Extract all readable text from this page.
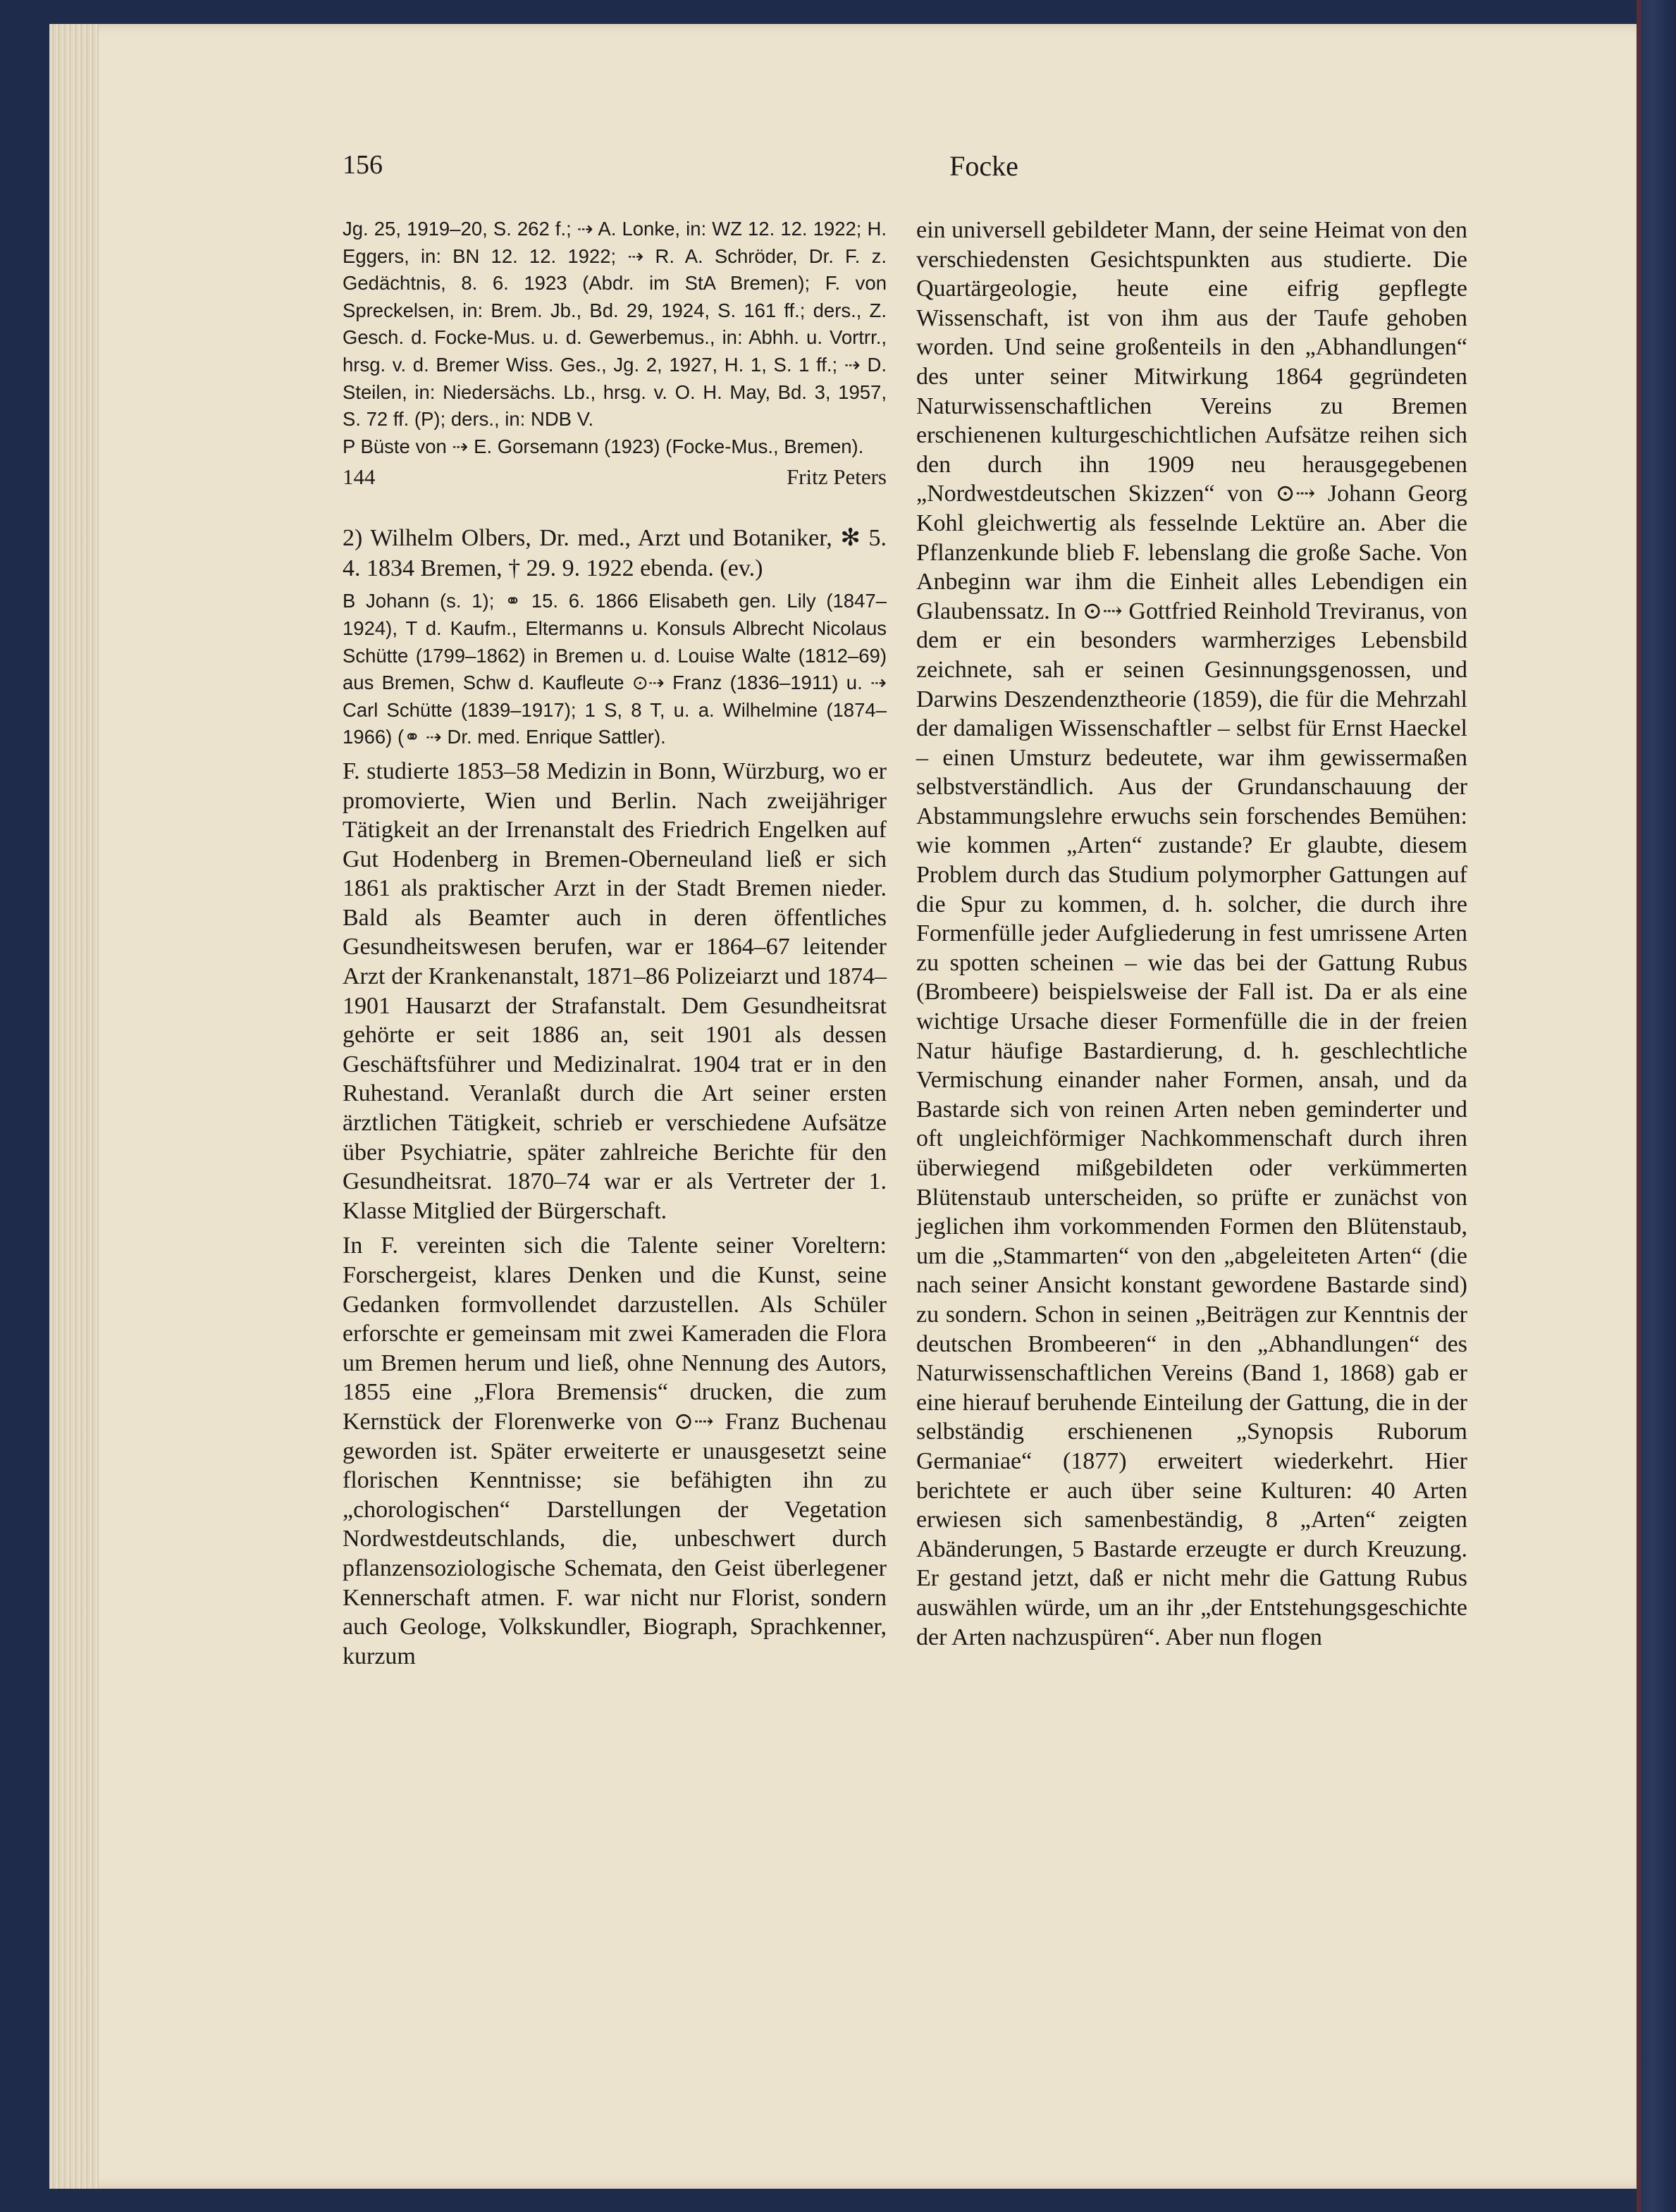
156	Focke

Jg. 25, 1919–20, S. 262 f.; ⇢ A. Lonke, in: WZ 12. 12. 1922; H. Eggers, in: BN 12. 12. 1922; ⇢ R. A. Schröder, Dr. F. z. Gedächtnis, 8. 6. 1923 (Abdr. im StA Bremen); F. von Spreckelsen, in: Brem. Jb., Bd. 29, 1924, S. 161 ff.; ders., Z. Gesch. d. Focke-Mus. u. d. Gewerbemus., in: Abhh. u. Vortrr., hrsg. v. d. Bremer Wiss. Ges., Jg. 2, 1927, H. 1, S. 1 ff.; ⇢ D. Steilen, in: Niedersächs. Lb., hrsg. v. O. H. May, Bd. 3, 1957, S. 72 ff. (P); ders., in: NDB V.

P Büste von ⇢ E. Gorsemann (1923) (Focke-Mus., Bremen).

144	Fritz Peters

2) Wilhelm Olbers, Dr. med., Arzt und Botaniker, ✻ 5. 4. 1834 Bremen, † 29. 9. 1922 ebenda. (ev.)

B Johann (s. 1); ⚭ 15. 6. 1866 Elisabeth gen. Lily (1847–1924), T d. Kaufm., Eltermanns u. Konsuls Albrecht Nicolaus Schütte (1799–1862) in Bremen u. d. Louise Walte (1812–69) aus Bremen, Schw d. Kaufleute ⊙⇢ Franz (1836–1911) u. ⇢ Carl Schütte (1839–1917); 1 S, 8 T, u. a. Wilhelmine (1874–1966) (⚭ ⇢ Dr. med. Enrique Sattler).

F. studierte 1853–58 Medizin in Bonn, Würzburg, wo er promovierte, Wien und Berlin. Nach zweijähriger Tätigkeit an der Irrenanstalt des Friedrich Engelken auf Gut Hodenberg in Bremen-Oberneuland ließ er sich 1861 als praktischer Arzt in der Stadt Bremen nieder. Bald als Beamter auch in deren öffentliches Gesundheitswesen berufen, war er 1864–67 leitender Arzt der Krankenanstalt, 1871–86 Polizeiarzt und 1874–1901 Hausarzt der Strafanstalt. Dem Gesundheitsrat gehörte er seit 1886 an, seit 1901 als dessen Geschäftsführer und Medizinalrat. 1904 trat er in den Ruhestand. Veranlaßt durch die Art seiner ersten ärztlichen Tätigkeit, schrieb er verschiedene Aufsätze über Psychiatrie, später zahlreiche Berichte für den Gesundheitsrat. 1870–74 war er als Vertreter der 1. Klasse Mitglied der Bürgerschaft.

In F. vereinten sich die Talente seiner Voreltern: Forschergeist, klares Denken und die Kunst, seine Gedanken formvollendet darzustellen. Als Schüler erforschte er gemeinsam mit zwei Kameraden die Flora um Bremen herum und ließ, ohne Nennung des Autors, 1855 eine „Flora Bremensis“ drucken, die zum Kernstück der Florenwerke von ⊙⇢ Franz Buchenau geworden ist. Später erweiterte er unausgesetzt seine florischen Kenntnisse; sie befähigten ihn zu „chorologischen“ Darstellungen der Vegetation Nordwestdeutschlands, die, unbeschwert durch pflanzensoziologische Schemata, den Geist überlegener Kennerschaft atmen. F. war nicht nur Florist, sondern auch Geologe, Volkskundler, Biograph, Sprachkenner, kurzum

ein universell gebildeter Mann, der seine Heimat von den verschiedensten Gesichtspunkten aus studierte. Die Quartärgeologie, heute eine eifrig gepflegte Wissenschaft, ist von ihm aus der Taufe gehoben worden. Und seine großenteils in den „Abhandlungen“ des unter seiner Mitwirkung 1864 gegründeten Naturwissenschaftlichen Vereins zu Bremen erschienenen kulturgeschichtlichen Aufsätze reihen sich den durch ihn 1909 neu herausgegebenen „Nordwestdeutschen Skizzen“ von ⊙⇢ Johann Georg Kohl gleichwertig als fesselnde Lektüre an. Aber die Pflanzenkunde blieb F. lebenslang die große Sache. Von Anbeginn war ihm die Einheit alles Lebendigen ein Glaubenssatz. In ⊙⇢ Gottfried Reinhold Treviranus, von dem er ein besonders warmherziges Lebensbild zeichnete, sah er seinen Gesinnungsgenossen, und Darwins Deszendenztheorie (1859), die für die Mehrzahl der damaligen Wissenschaftler – selbst für Ernst Haeckel – einen Umsturz bedeutete, war ihm gewissermaßen selbstverständlich. Aus der Grundanschauung der Abstammungslehre erwuchs sein forschendes Bemühen: wie kommen „Arten“ zustande? Er glaubte, diesem Problem durch das Studium polymorpher Gattungen auf die Spur zu kommen, d. h. solcher, die durch ihre Formenfülle jeder Aufgliederung in fest umrissene Arten zu spotten scheinen – wie das bei der Gattung Rubus (Brombeere) beispielsweise der Fall ist. Da er als eine wichtige Ursache dieser Formenfülle die in der freien Natur häufige Bastardierung, d. h. geschlechtliche Vermischung einander naher Formen, ansah, und da Bastarde sich von reinen Arten neben geminderter und oft ungleichförmiger Nachkommenschaft durch ihren überwiegend mißgebildeten oder verkümmerten Blütenstaub unterscheiden, so prüfte er zunächst von jeglichen ihm vorkommenden Formen den Blütenstaub, um die „Stammarten“ von den „abgeleiteten Arten“ (die nach seiner Ansicht konstant gewordene Bastarde sind) zu sondern. Schon in seinen „Beiträgen zur Kenntnis der deutschen Brombeeren“ in den „Abhandlungen“ des Naturwissenschaftlichen Vereins (Band 1, 1868) gab er eine hierauf beruhende Einteilung der Gattung, die in der selbständig erschienenen „Synopsis Ruborum Germaniae“ (1877) erweitert wiederkehrt. Hier berichtete er auch über seine Kulturen: 40 Arten erwiesen sich samenbeständig, 8 „Arten“ zeigten Abänderungen, 5 Bastarde erzeugte er durch Kreuzung. Er gestand jetzt, daß er nicht mehr die Gattung Rubus auswählen würde, um an ihr „der Entstehungsgeschichte der Arten nachzuspüren“. Aber nun flogen
